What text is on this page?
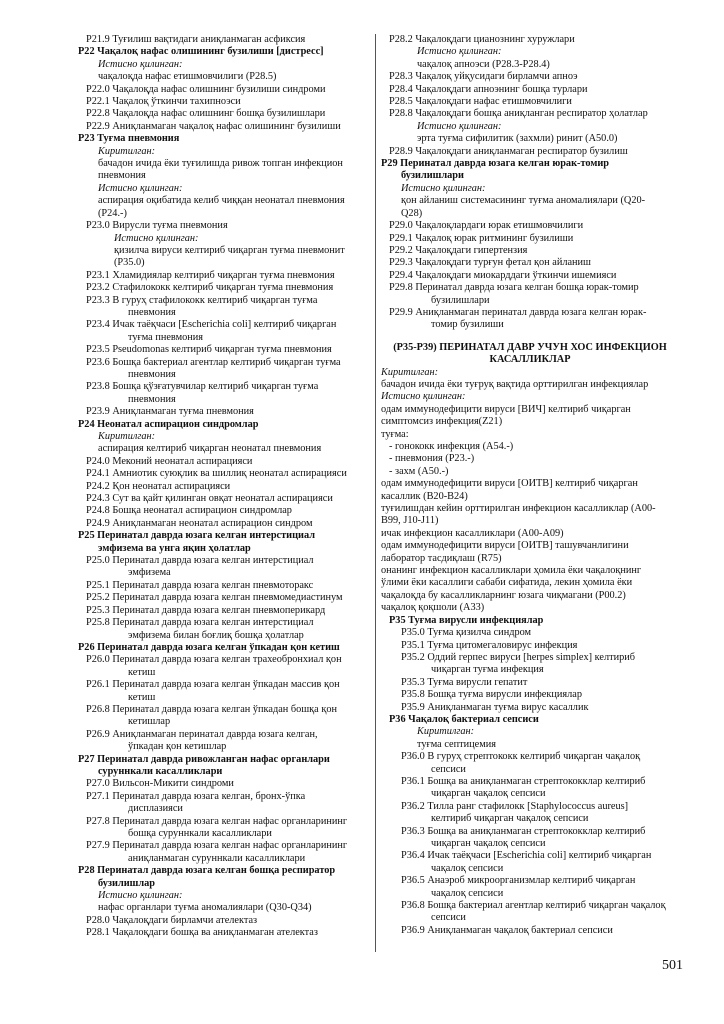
P21.9 Туғилиш вақтидаги аниқланмаган асфиксия
P22 Чақалоқ нафас олишининг бузилиши [дистресс]
Истисно қилинган:
чақалоқда нафас етишмовчилиги (P28.5)
P22.0 Чақалоқда нафас олишнинг бузилиши синдроми
P22.1 Чақалоқ ўткинчи тахипноэси
P22.8 Чақалоқда нафас олишнинг бошқа бузилишлари
P22.9 Аниқланмаган чақалоқ нафас олишининг бузилиши
P23 Туғма пневмония
Киритилган:
бачадон ичида ёки туғилишда ривож топган инфекцион
пневмония
Истисно қилинган:
аспирация оқибатида келиб чиққан неонатал пневмония
(P24.-)
P23.0 Вирусли туғма пневмония
Истисно қилинган:
қизилча вируси келтириб чиқарган туғма пневмонит
(P35.0)
P23.1 Хламидиялар келтириб чиқарган туғма пневмония
P23.2 Стафилококк келтириб чиқарган туғма пневмония
P23.3 В гуруҳ стафилококк келтириб чиқарган туғма
пневмония
P23.4 Ичак таёқчаси [Escherichia coli] келтириб чиқарган
туғма пневмония
P23.5 Pseudomonas келтириб чиқарган туғма пневмония
P23.6 Бошқа бактериал агентлар келтириб чиқарган туғма
пневмония
P23.8 Бошқа қўзғатувчилар келтириб чиқарган туғма
пневмония
P23.9 Аниқланмаган туғма пневмония
P24 Неонатал аспирацион синдромлар
Киритилган:
аспирация келтириб чиқарган неонатал пневмония
P24.0 Меконий неонатал аспирацияси
P24.1 Амниотик суюқлик ва шиллиқ неонатал аспирацияси
P24.2 Қон неонатал аспирацияси
P24.3 Сут ва қайт қилинган овқат неонатал аспирацияси
P24.8 Бошқа неонатал аспирацион синдромлар
P24.9 Аниқланмаган неонатал аспирацион синдром
P25 Перинатал даврда юзага келган интерстициал
эмфизема ва унга яқин ҳолатлар
P25.0 Перинатал даврда юзага келган интерстициал
эмфизема
P25.1 Перинатал даврда юзага келган пневмоторакс
P25.2 Перинатал даврда юзага келган пневмомедиастинум
P25.3 Перинатал даврда юзага келган пневмоперикард
P25.8 Перинатал даврда юзага келган интерстициал
эмфизема билан боғлиқ бошқа ҳолатлар
P26 Перинатал даврда юзага келган ўпкадан қон кетиш
P26.0 Перинатал даврда юзага келган трахеобронхиал қон
кетиш
P26.1 Перинатал даврда юзага келган ўпкадан массив қон
кетиш
P26.8 Перинатал даврда юзага келган ўпкадан бошқа қон
кетишлар
P26.9 Аниқланмаган перинатал даврда юзага келган,
ўпкадан қон кетишлар
P27 Перинатал даврда ривожланган нафас органлари
суруннкали касалликлари
P27.0 Вильсон-Микити синдроми
P27.1 Перинатал даврда юзага келган, бронх-ўпка
дисплазияси
P27.8 Перинатал даврда юзага келган нафас органларининг
бошқа суруннкали касалликлари
P27.9 Перинатал даврда юзага келган нафас органларининг
аниқланмаган суруннкали касалликлари
P28 Перинатал даврда юзага келган бошқа респиратор
бузилишлар
Истисно қилинган:
нафас органлари туғма аномалиялари (Q30-Q34)
P28.0 Чақалоқдаги бирламчи ателектаз
P28.1 Чақалоқдаги бошқа ва аниқланмаган ателектаз
P28.2 Чақалоқдаги цианознинг хуружлари
Истисно қилинган:
чақалоқ апноэси (P28.3-P28.4)
P28.3 Чақалоқ уйқусидаги бирламчи апноэ
P28.4 Чақалоқдаги апноэнинг бошқа турлари
P28.5 Чақалоқдаги нафас етишмовчилиги
P28.8 Чақалоқдаги бошқа аниқланган респиратор ҳолатлар
Истисно қилинган:
эрта туғма сифилитик (захмли) ринит (A50.0)
P28.9 Чақалоқдаги аниқланмаган респиратор бузилиш
P29 Перинатал даврда юзага келган юрак-томир
бузилишлари
Истисно қилинган:
қон айланиш системасининг туғма аномалиялари (Q20-
Q28)
P29.0 Чақалоқлардаги юрак етишмовчилиги
P29.1 Чақалоқ юрак ритмининг бузилиши
P29.2 Чақалоқдаги гипертензия
P29.3 Чақалоқдаги турғун фетал қон айланиш
P29.4 Чақалоқдаги миокарддаги ўткинчи ишемияси
P29.8 Перинатал даврда юзага келган бошқа юрак-томир
бузилишлари
P29.9 Аниқланмаган перинатал даврда юзага келган юрак-
томир бузилиши
(P35-P39) ПЕРИНАТАЛ ДАВР УЧУН ХОС ИНФЕКЦИОН
КАСАЛЛИКЛАР
Киритилган:
бачадон ичида ёки туғруқ вақтида орттирилган инфекциялар
Истисно қилинган:
одам иммунодефицити вируси [ВИЧ] келтириб чиқарган
симптомсиз инфекция(Z21)
туғма:
- гонококк инфекция (A54.-)
- пневмония (P23.-)
- захм (A50.-)
одам иммунодефицити вируси [ОИТВ] келтириб чиқарган
касаллик (B20-B24)
туғилишдан кейин орттирилган инфекцион касалликлар (A00-
B99, J10-J11)
ичак инфекцион касалликлари (A00-A09)
одам иммунодефицити вируси [ОИТВ] ташувчанлигини
лаборатор тасдиқлаш (R75)
онанинг инфекцион касалликлари ҳомила ёки чақалоқнинг
ўлими ёки касаллиги сабаби сифатида, лекин ҳомила ёки
чақалоқда бу касалликларнинг юзага чиқмагани (P00.2)
чақалоқ қоқшоли (A33)
P35 Туғма вирусли инфекциялар
P35.0 Туғма қизилча синдром
P35.1 Туғма цитомегаловирус инфекция
P35.2 Оддий герпес вируси [herpes simplex] келтириб
чиқарган туғма инфекция
P35.3 Туғма вирусли гепатит
P35.8 Бошқа туғма вирусли инфекциялар
P35.9 Аниқланмаган туғма вирус касаллик
P36 Чақалоқ бактериал сепсиси
Киритилган:
туғма септицемия
P36.0 В гуруҳ стрептококк келтириб чиқарган чақалоқ
сепсиси
P36.1 Бошқа ва аниқланмаган стрептококклар келтириб
чиқарган чақалоқ сепсиси
P36.2 Тилла ранг стафилокк [Staphylococcus aureus]
келтириб чиқарган чақалоқ сепсиси
P36.3 Бошқа ва аниқланмаган стрептококклар келтириб
чиқарган чақалоқ сепсиси
P36.4 Ичак таёқчаси [Escherichia coli] келтириб чиқарган
чақалоқ сепсиси
P36.5 Анаэроб микроорганизмлар келтириб чиқарган
чақалоқ сепсиси
P36.8 Бошқа бактериал агентлар келтириб чиқарган чақалоқ
сепсиси
P36.9 Аниқланмаган чақалоқ бактериал сепсиси
501
